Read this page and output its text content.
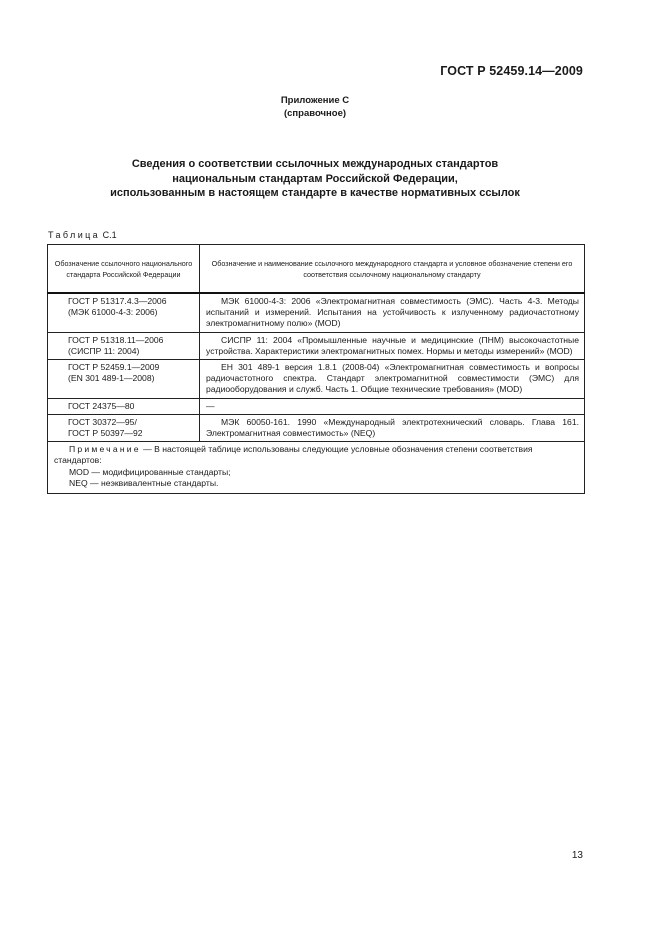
ГОСТ Р 52459.14—2009
Приложение С
(справочное)
Сведения о соответствии ссылочных международных стандартов
национальным стандартам Российской Федерации,
использованным в настоящем стандарте в качестве нормативных ссылок
Таблица С.1
Обозначение ссылочного национального стандарта Российской Федерации	Обозначение и наименование ссылочного международного стандарта и условное обозначение степени его соответствия ссылочному национальному стандарту

ГОСТ Р 51317.4.3—2006
(МЭК 61000-4-3: 2006)	МЭК 61000-4-3: 2006 «Электромагнитная совместимость (ЭМС). Часть 4-3. Методы испытаний и измерений. Испытания на устойчивость к излученному радиочастотному электромагнитному полю» (MOD)

ГОСТ Р 51318.11—2006
(СИСПР 11: 2004)	СИСПР 11: 2004 «Промышленные научные и медицинские (ПНМ) высокочастотные устройства. Характеристики электромагнитных помех. Нормы и методы измерений» (MOD)

ГОСТ Р 52459.1—2009
(EN 301 489-1—2008)	ЕН 301 489-1 версия 1.8.1 (2008-04) «Электромагнитная совместимость и вопросы радиочастотного спектра. Стандарт электромагнитной совместимости (ЭМС) для радиооборудования и служб. Часть 1. Общие технические требования» (MOD)

ГОСТ 24375—80	—

ГОСТ 30372—95/
ГОСТ Р 50397—92	МЭК 60050-161. 1990 «Международный электротехнический словарь. Глава 161. Электромагнитная совместимость» (NEQ)

Примечание — В настоящей таблице использованы следующие условные обозначения степени соответствия стандартов:
MOD — модифицированные стандарты;
NEQ — неэквивалентные стандарты.	
13
